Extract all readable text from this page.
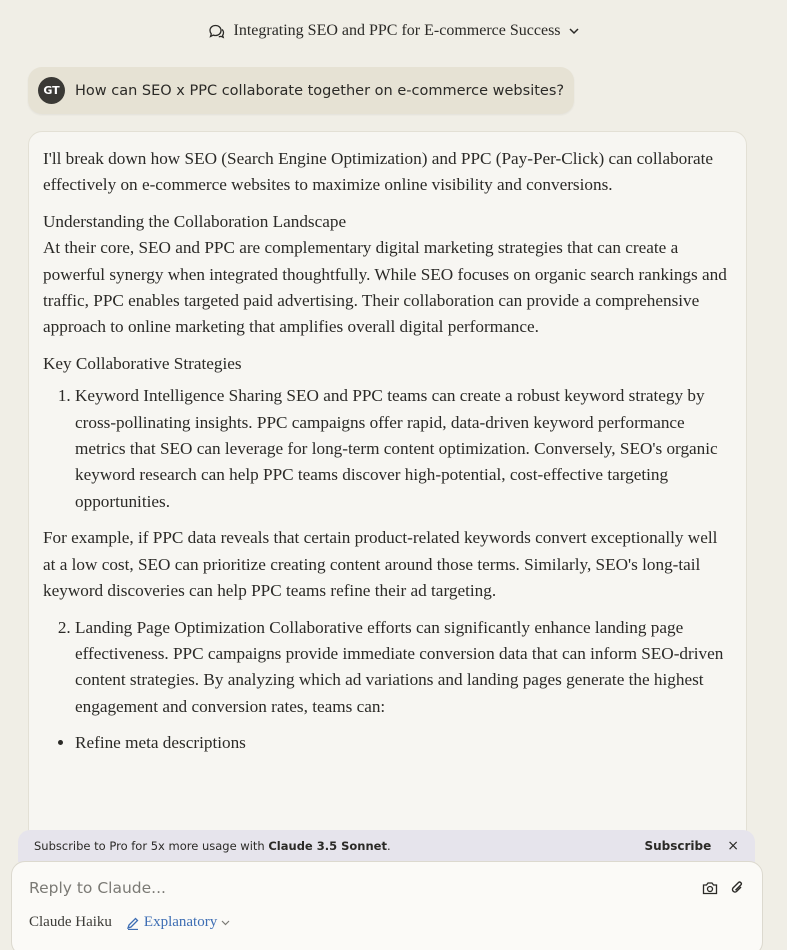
Integrating SEO and PPC for E-commerce Success
GT	How can SEO x PPC collaborate together on e-commerce websites?

I'll break down how SEO (Search Engine Optimization) and PPC (Pay-Per-Click) can collaborate effectively on e-commerce websites to maximize online visibility and conversions.

Understanding the Collaboration Landscape

At their core, SEO and PPC are complementary digital marketing strategies that can create a powerful synergy when integrated thoughtfully. While SEO focuses on organic search rankings and traffic, PPC enables targeted paid advertising. Their collaboration can provide a comprehensive approach to online marketing that amplifies overall digital performance.

Key Collaborative Strategies

1. Keyword Intelligence Sharing SEO and PPC teams can create a robust keyword strategy by cross-pollinating insights. PPC campaigns offer rapid, data-driven keyword performance metrics that SEO can leverage for long-term content optimization. Conversely, SEO's organic keyword research can help PPC teams discover high-potential, cost-effective targeting opportunities.

For example, if PPC data reveals that certain product-related keywords convert exceptionally well at a low cost, SEO can prioritize creating content around those terms. Similarly, SEO's long-tail keyword discoveries can help PPC teams refine their ad targeting.

2. Landing Page Optimization Collaborative efforts can significantly enhance landing page effectiveness. PPC campaigns provide immediate conversion data that can inform SEO-driven content strategies. By analyzing which ad variations and landing pages generate the highest engagement and conversion rates, teams can:
• Refine meta descriptions
Subscribe to Pro for 5x more usage with Claude 3.5 Sonnet.	Subscribe ×
Reply to Claude...
Claude Haiku Explanatory
